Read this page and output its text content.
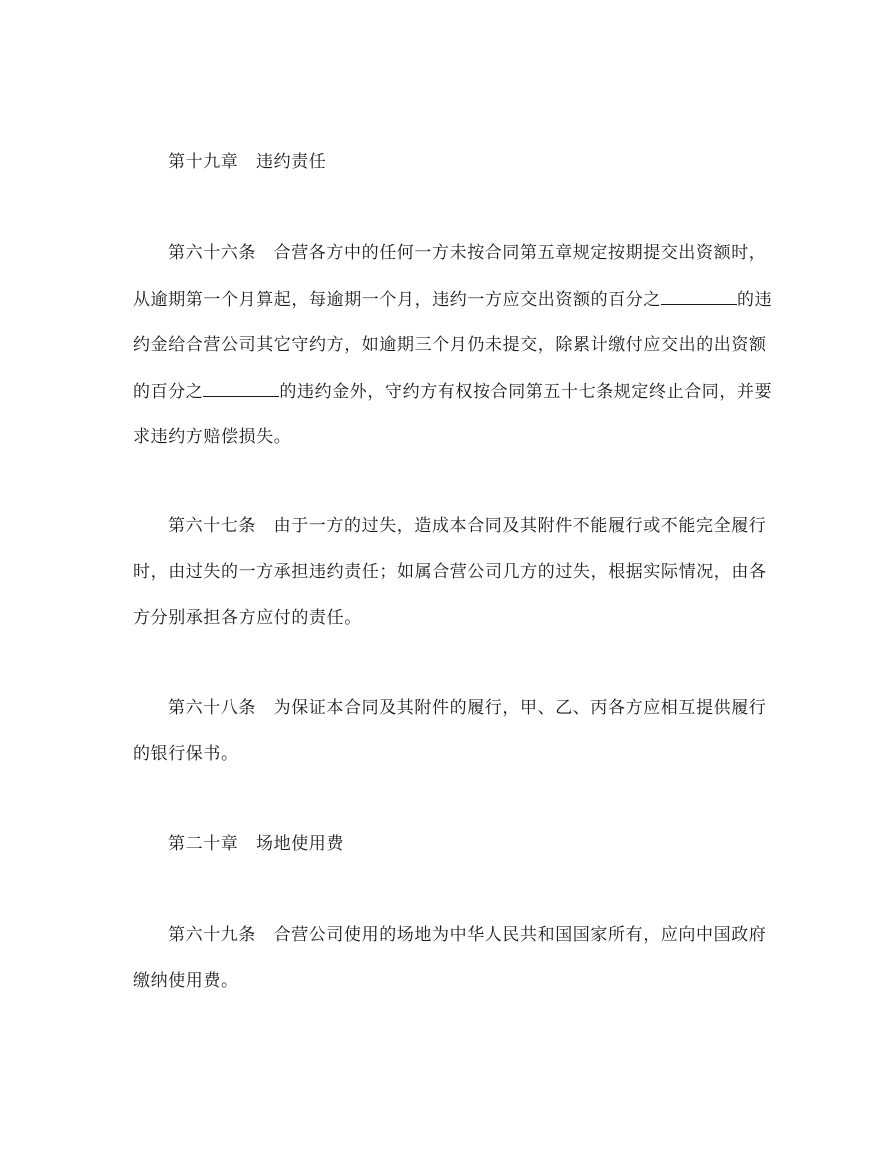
第十九章　违约责任
第六十六条　合营各方中的任何一方未按合同第五章规定按期提交出资额时，
从逾期第一个月算起，每逾期一个月，违约一方应交出资额的百分之	的违
约金给合营公司其它守约方，如逾期三个月仍未提交，除累计缴付应交出的出资额
的百分之	的违约金外，守约方有权按合同第五十七条规定终止合同，并要
求违约方赔偿损失。
第六十七条　由于一方的过失，造成本合同及其附件不能履行或不能完全履行
时，由过失的一方承担违约责任；如属合营公司几方的过失，根据实际情况，由各
方分别承担各方应付的责任。
第六十八条　为保证本合同及其附件的履行，甲、乙、丙各方应相互提供履行
的银行保书。
第二十章　场地使用费
第六十九条　合营公司使用的场地为中华人民共和国国家所有，应向中国政府
缴纳使用费。
